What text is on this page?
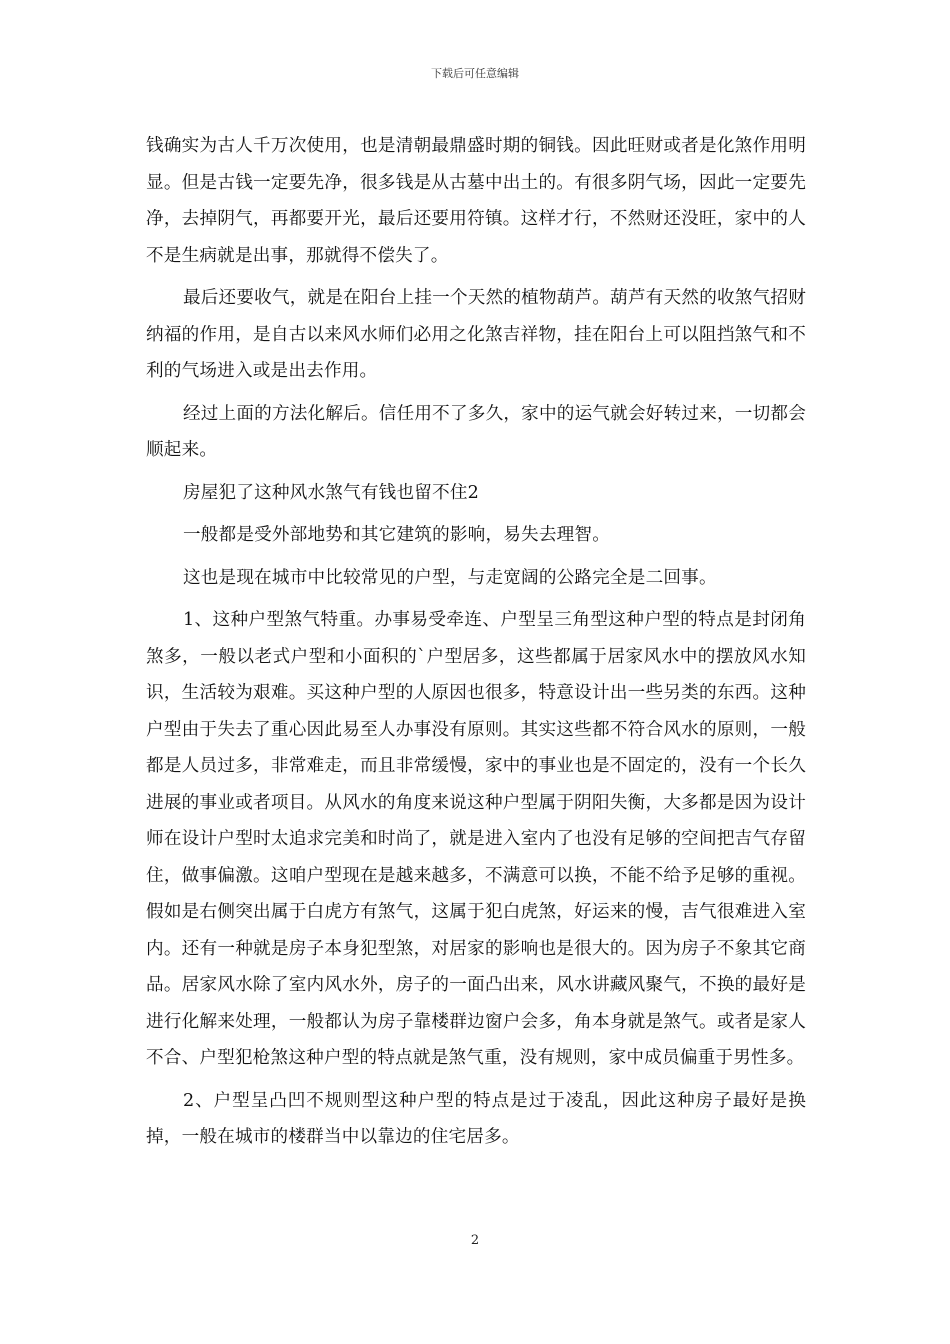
下载后可任意编辑

钱确实为古人千万次使用，也是清朝最鼎盛时期的铜钱。因此旺财或者是化煞作用明显。但是古钱一定要先净，很多钱是从古墓中出土的。有很多阴气场，因此一定要先净，去掉阴气，再都要开光，最后还要用符镇。这样才行，不然财还没旺，家中的人不是生病就是出事，那就得不偿失了。

最后还要收气，就是在阳台上挂一个天然的植物葫芦。葫芦有天然的收煞气招财纳福的作用，是自古以来风水师们必用之化煞吉祥物，挂在阳台上可以阻挡煞气和不利的气场进入或是出去作用。

经过上面的方法化解后。信任用不了多久，家中的运气就会好转过来，一切都会顺起来。

房屋犯了这种风水煞气有钱也留不住2

一般都是受外部地势和其它建筑的影响，易失去理智。

这也是现在城市中比较常见的户型，与走宽阔的公路完全是二回事。

1、这种户型煞气特重。办事易受牵连、户型呈三角型这种户型的特点是封闭角煞多，一般以老式户型和小面积的`户型居多，这些都属于居家风水中的摆放风水知识，生活较为艰难。买这种户型的人原因也很多，特意设计出一些另类的东西。这种户型由于失去了重心因此易至人办事没有原则。其实这些都不符合风水的原则，一般都是人员过多，非常难走，而且非常缓慢，家中的事业也是不固定的，没有一个长久进展的事业或者项目。从风水的角度来说这种户型属于阴阳失衡，大多都是因为设计师在设计户型时太追求完美和时尚了，就是进入室内了也没有足够的空间把吉气存留住，做事偏激。这咱户型现在是越来越多，不满意可以换，不能不给予足够的重视。假如是右侧突出属于白虎方有煞气，这属于犯白虎煞，好运来的慢，吉气很难进入室内。还有一种就是房子本身犯型煞，对居家的影响也是很大的。因为房子不象其它商品。居家风水除了室内风水外，房子的一面凸出来，风水讲藏风聚气，不换的最好是进行化解来处理，一般都认为房子靠楼群边窗户会多，角本身就是煞气。或者是家人不合、户型犯枪煞这种户型的特点就是煞气重，没有规则，家中成员偏重于男性多。

2、户型呈凸凹不规则型这种户型的特点是过于凌乱，因此这种房子最好是换掉，一般在城市的楼群当中以靠边的住宅居多。

2
